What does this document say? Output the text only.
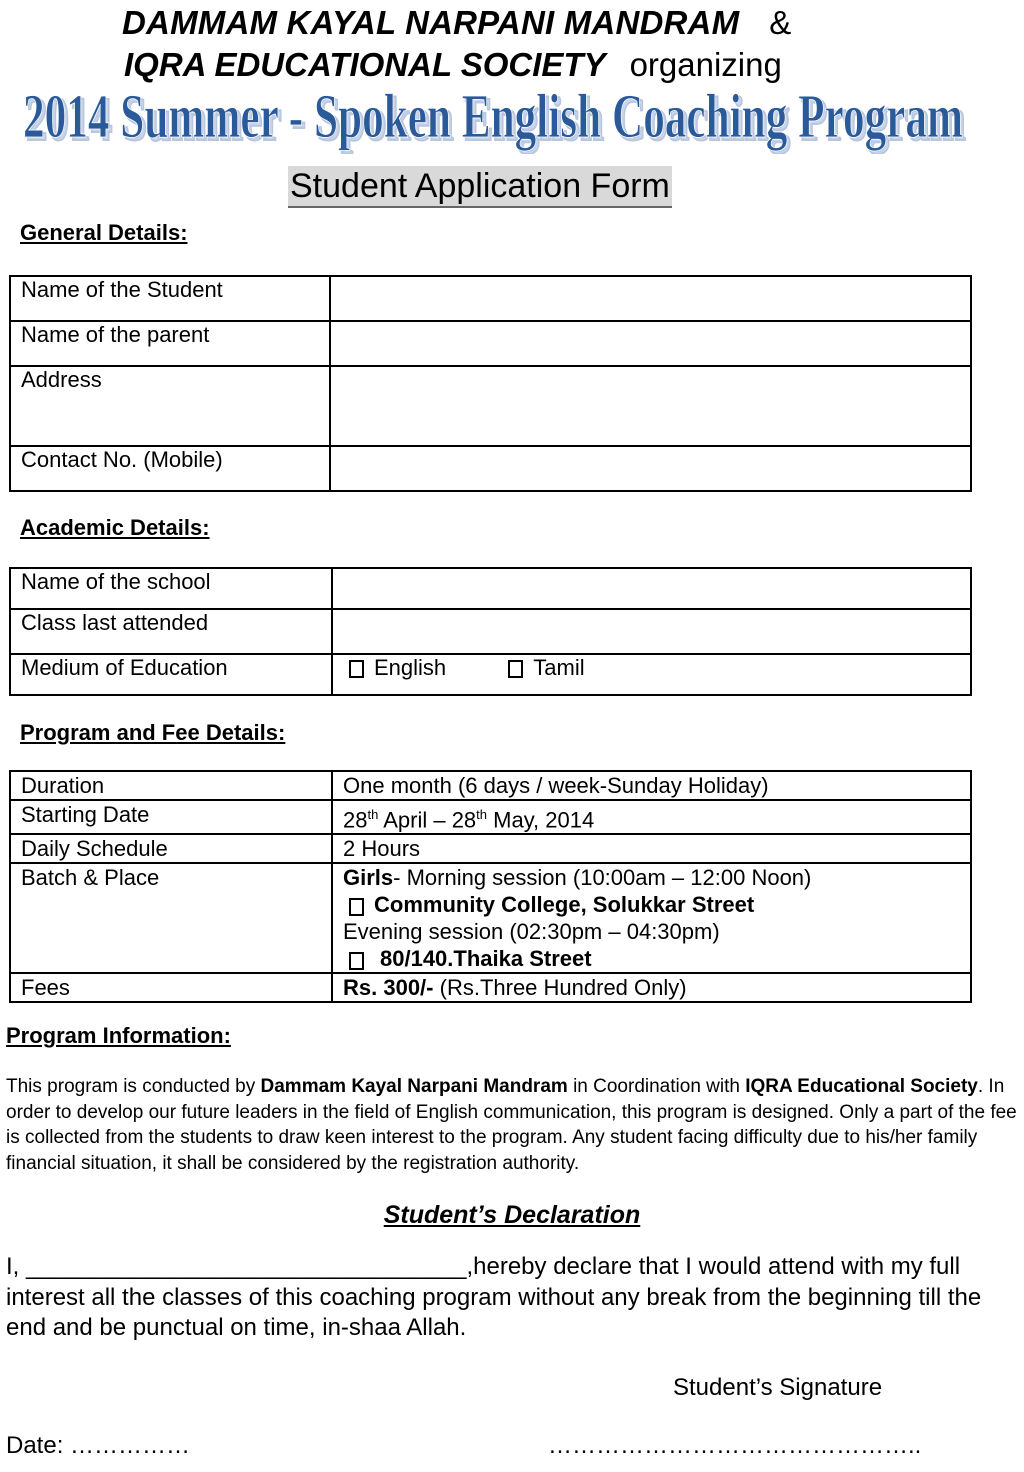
DAMMAM KAYAL NARPANI MANDRAM &
IQRA EDUCATIONAL SOCIETY organizing
2014 Summer - Spoken English Coaching Program
2014 Summer - Spoken English Coaching Program
Student Application Form
General Details:
Name of the Student	
Name of the parent	
Address	
Contact No. (Mobile)	
Academic Details:
Name of the school	
Class last attended	
Medium of Education	English Tamil
Program and Fee Details:
Duration	One month (6 days / week-Sunday Holiday)
Starting Date	28th April – 28th May, 2014
Daily Schedule	2 Hours
Batch & Place	Girls- Morning session (10:00am – 12:00 Noon)
Community College, Solukkar Street
Evening session (02:30pm – 04:30pm)
80/140.Thaika Street

Fees	Rs. 300/- (Rs.Three Hundred Only)
Program Information:
This program is conducted by Dammam Kayal Narpani Mandram in Coordination with IQRA Educational Society. In order to develop our future leaders in the field of English communication, this program is designed. Only a part of the fee is collected from the students to draw keen interest to the program. Any student facing difficulty due to his/her family financial situation, it shall be considered by the registration authority.
Student’s Declaration
I, _________________________________,hereby declare that I would attend with my full interest all the classes of this coaching program without any break from the beginning till the end and be punctual on time, in-shaa Allah.
Student’s Signature
Date: ……………	………………………………………..
